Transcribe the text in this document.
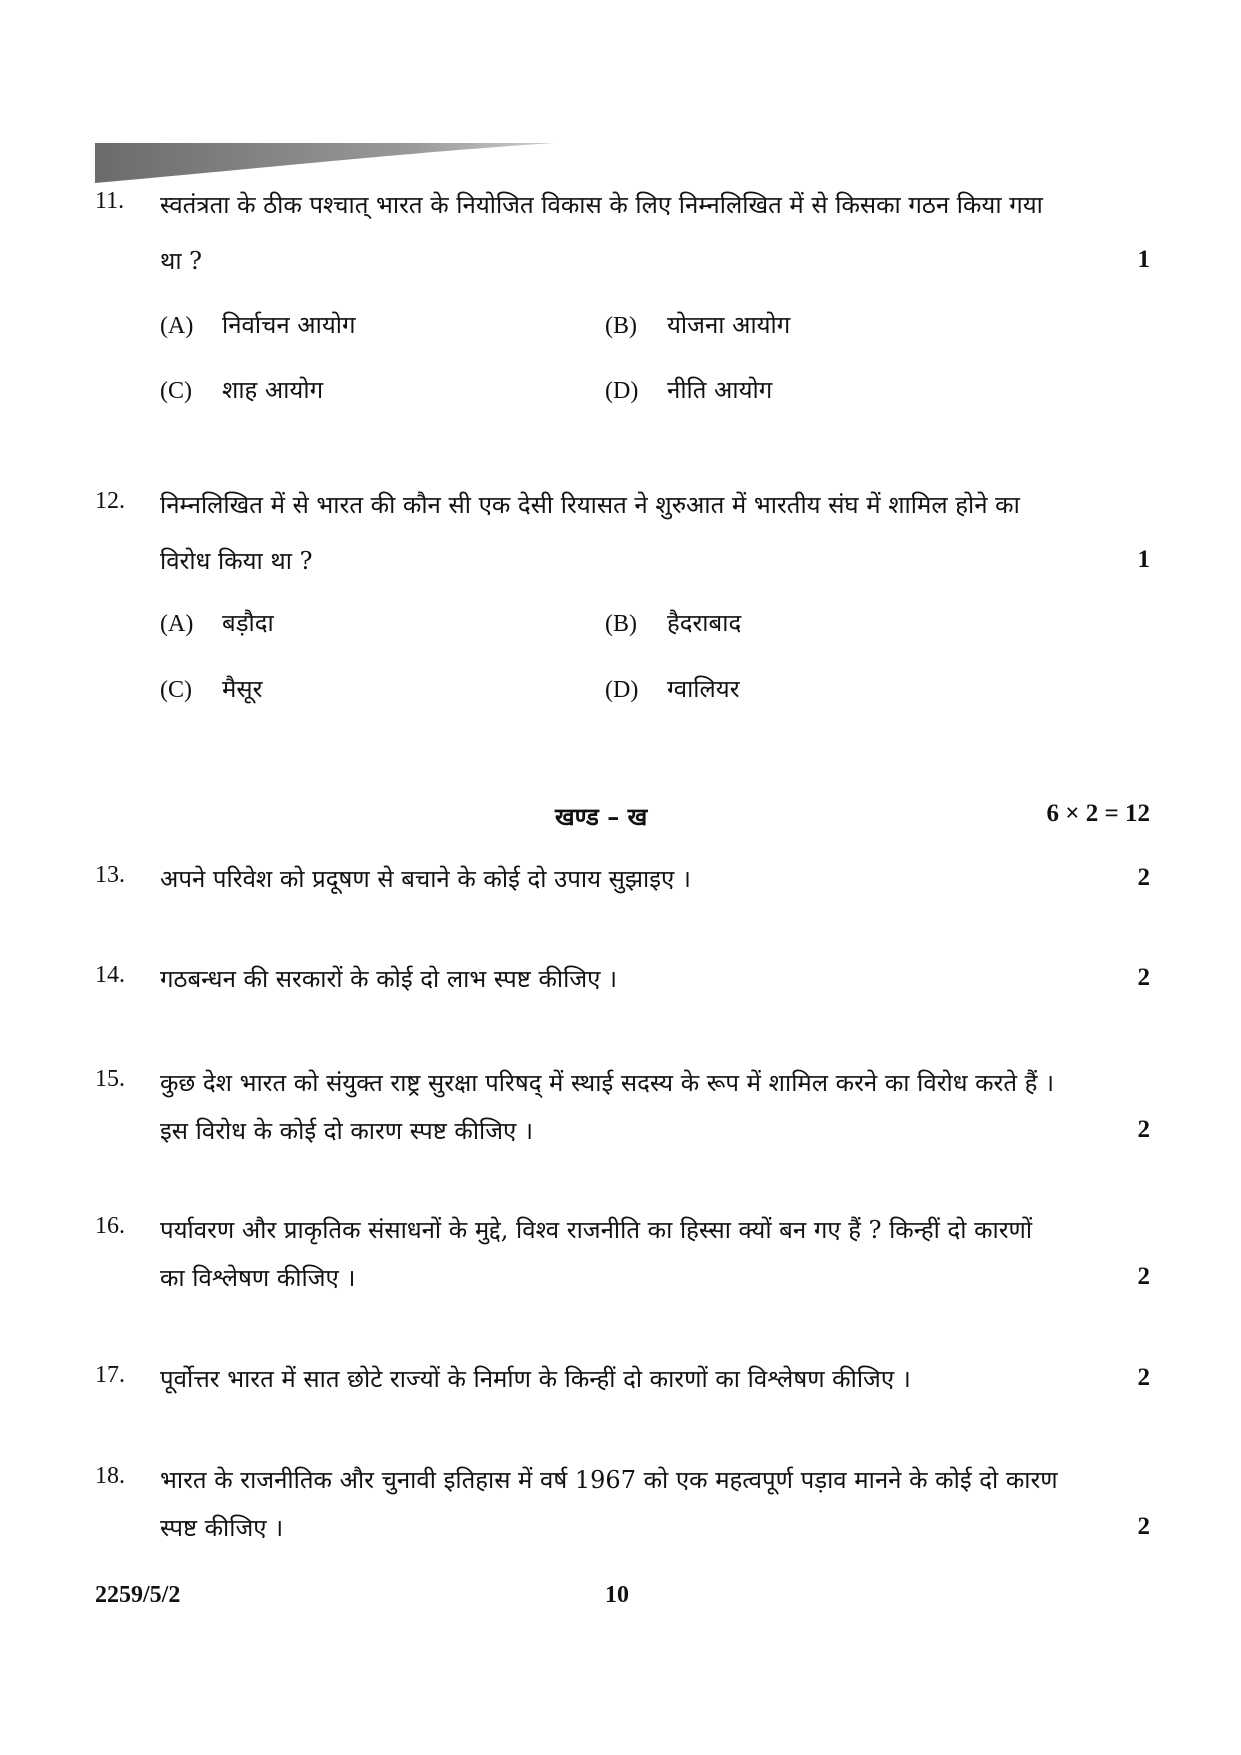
11.	स्वतंत्रता के ठीक पश्चात् भारत के नियोजित विकास के लिए निम्नलिखित में से किसका गठन किया गया
था ?	1
(A) निर्वाचन आयोग	(B) योजना आयोग
(C) शाह आयोग	(D) नीति आयोग
12.	निम्नलिखित में से भारत की कौन सी एक देसी रियासत ने शुरुआत में भारतीय संघ में शामिल होने का
विरोध किया था ?	1
(A) बड़ौदा	(B) हैदराबाद
(C) मैसूर	(D) ग्वालियर
खण्ड – ख	6 × 2 = 12
13.	अपने परिवेश को प्रदूषण से बचाने के कोई दो उपाय सुझाइए ।	2
14.	गठबन्धन की सरकारों के कोई दो लाभ स्पष्ट कीजिए ।	2
15.	कुछ देश भारत को संयुक्त राष्ट्र सुरक्षा परिषद् में स्थाई सदस्य के रूप में शामिल करने का विरोध करते हैं ।
इस विरोध के कोई दो कारण स्पष्ट कीजिए ।	2
16.	पर्यावरण और प्राकृतिक संसाधनों के मुद्दे, विश्व राजनीति का हिस्सा क्यों बन गए हैं ? किन्हीं दो कारणों
का विश्लेषण कीजिए ।	2
17.	पूर्वोत्तर भारत में सात छोटे राज्यों के निर्माण के किन्हीं दो कारणों का विश्लेषण कीजिए ।	2
18.	भारत के राजनीतिक और चुनावी इतिहास में वर्ष 1967 को एक महत्वपूर्ण पड़ाव मानने के कोई दो कारण
स्पष्ट कीजिए ।	2
2259/5/2	10
